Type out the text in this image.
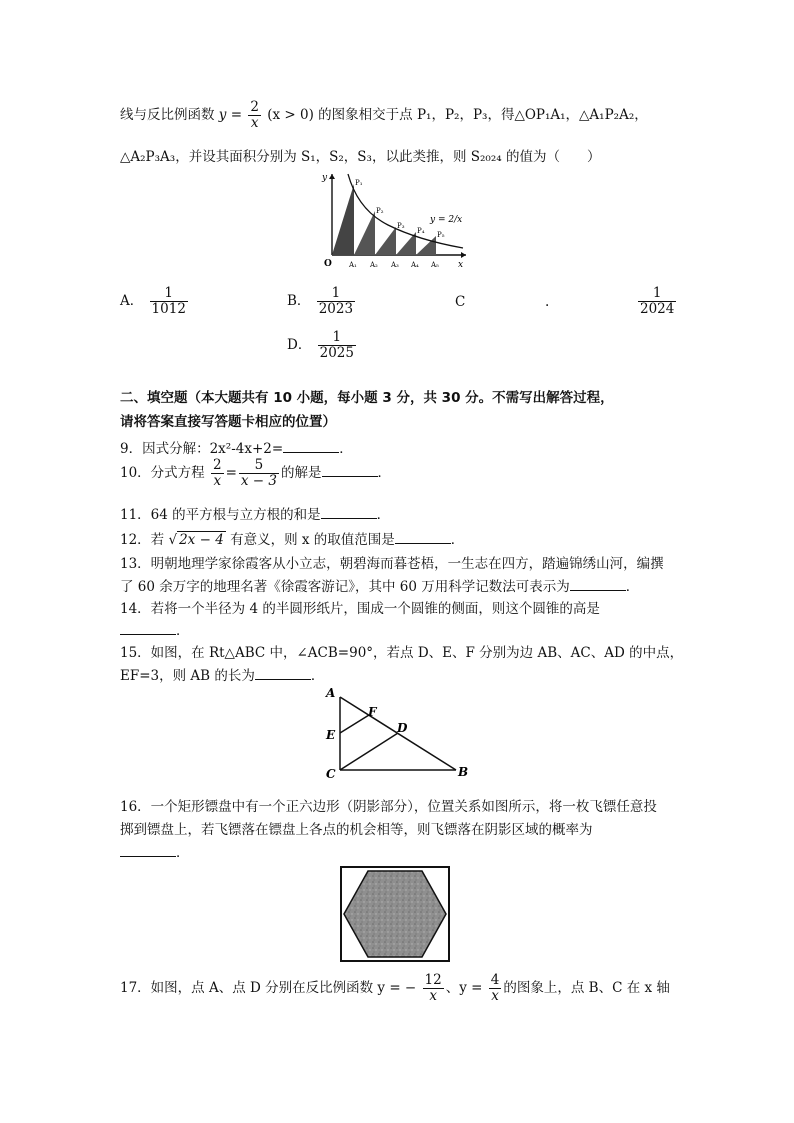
线与反比例函数 $y = \frac{2}{x} (x > 0)$ 的图象相交于点 P₁，P₂，P₃，得△OP₁A₁，△A₁P₂A₂，
△A₂P₃A₃，并设其面积分别为 S₁，S₂，S₃，以此类推，则 S₂₀₂₄ 的值为（　　）
y
x
O
y = 2/x
P₁
P₂
P₃
P₄ P₅
A₁ A₂ A₃ A₄ A₅
A． $\frac{1}{1012}$	B． $\frac{1}{2023}$	C	.	$\frac{1}{2024}$
D． $\frac{1}{2025}$
二、填空题（本大题共有 10 小题，每小题 3 分，共 30 分。不需写出解答过程，
请将答案直接写答题卡相应的位置）
9．因式分解：2x²-4x+2=	．
10．分式方程 $\frac{2}{x} = \frac{5}{x - 3}$ 的解是	．
11．64 的平方根与立方根的和是	．
12．若 √ 2x − 4 有意义，则 x 的取值范围是	．
13．明朝地理学家徐霞客从小立志，朝碧海而暮苍梧，一生志在四方，踏遍锦绣山河，编撰
了 60 余万字的地理名著《徐霞客游记》，其中 60 万用科学记数法可表示为	．
14．若将一个半径为 4 的半圆形纸片，围成一个圆锥的侧面，则这个圆锥的高是
．
15．如图，在 Rt△ABC 中，∠ACB=90°，若点 D、E、F 分别为边 AB、AC、AD 的中点，
EF=3，则 AB 的长为	．
A
E
C	B
D
F
16．一个矩形镖盘中有一个正六边形（阴影部分），位置关系如图所示，将一枚飞镖任意投
掷到镖盘上，若飞镖落在镖盘上各点的机会相等，则飞镖落在阴影区域的概率为
．
17．如图，点 A、点 D 分别在反比例函数 y = − $\frac{12}{x}$ 、$y = \frac{4}{x}$ 的图象上，点 B、C 在 x 轴
